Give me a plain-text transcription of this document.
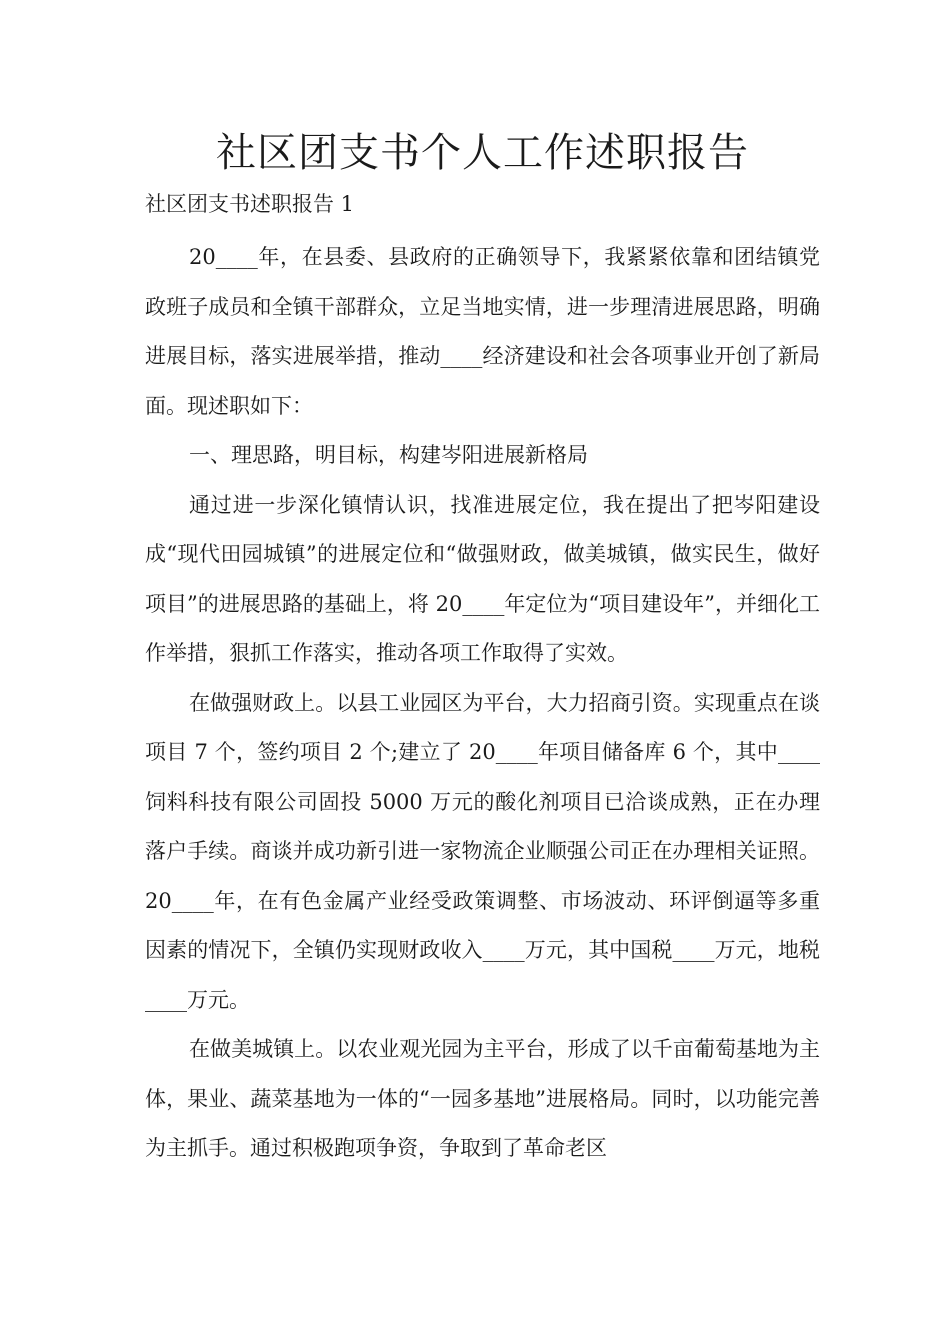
社区团支书个人工作述职报告
社区团支书述职报告 1

20____年，在县委、县政府的正确领导下，我紧紧依靠和团结镇党政班子成员和全镇干部群众，立足当地实情，进一步理清进展思路，明确进展目标，落实进展举措，推动____经济建设和社会各项事业开创了新局面。现述职如下：

一、理思路，明目标，构建岑阳进展新格局

通过进一步深化镇情认识，找准进展定位，我在提出了把岑阳建设成“现代田园城镇”的进展定位和“做强财政，做美城镇，做实民生，做好项目”的进展思路的基础上，将 20____年定位为“项目建设年”，并细化工作举措，狠抓工作落实，推动各项工作取得了实效。

在做强财政上。以县工业园区为平台，大力招商引资。实现重点在谈项目 7 个，签约项目 2 个;建立了 20____年项目储备库 6 个，其中____饲料科技有限公司固投 5000 万元的酸化剂项目已洽谈成熟，正在办理落户手续。商谈并成功新引进一家物流企业顺强公司正在办理相关证照。20____年，在有色金属产业经受政策调整、市场波动、环评倒逼等多重因素的情况下，全镇仍实现财政收入____万元，其中国税____万元，地税____万元。

在做美城镇上。以农业观光园为主平台，形成了以千亩葡萄基地为主体，果业、蔬菜基地为一体的“一园多基地”进展格局。同时，以功能完善为主抓手。通过积极跑项争资，争取到了革命老区
